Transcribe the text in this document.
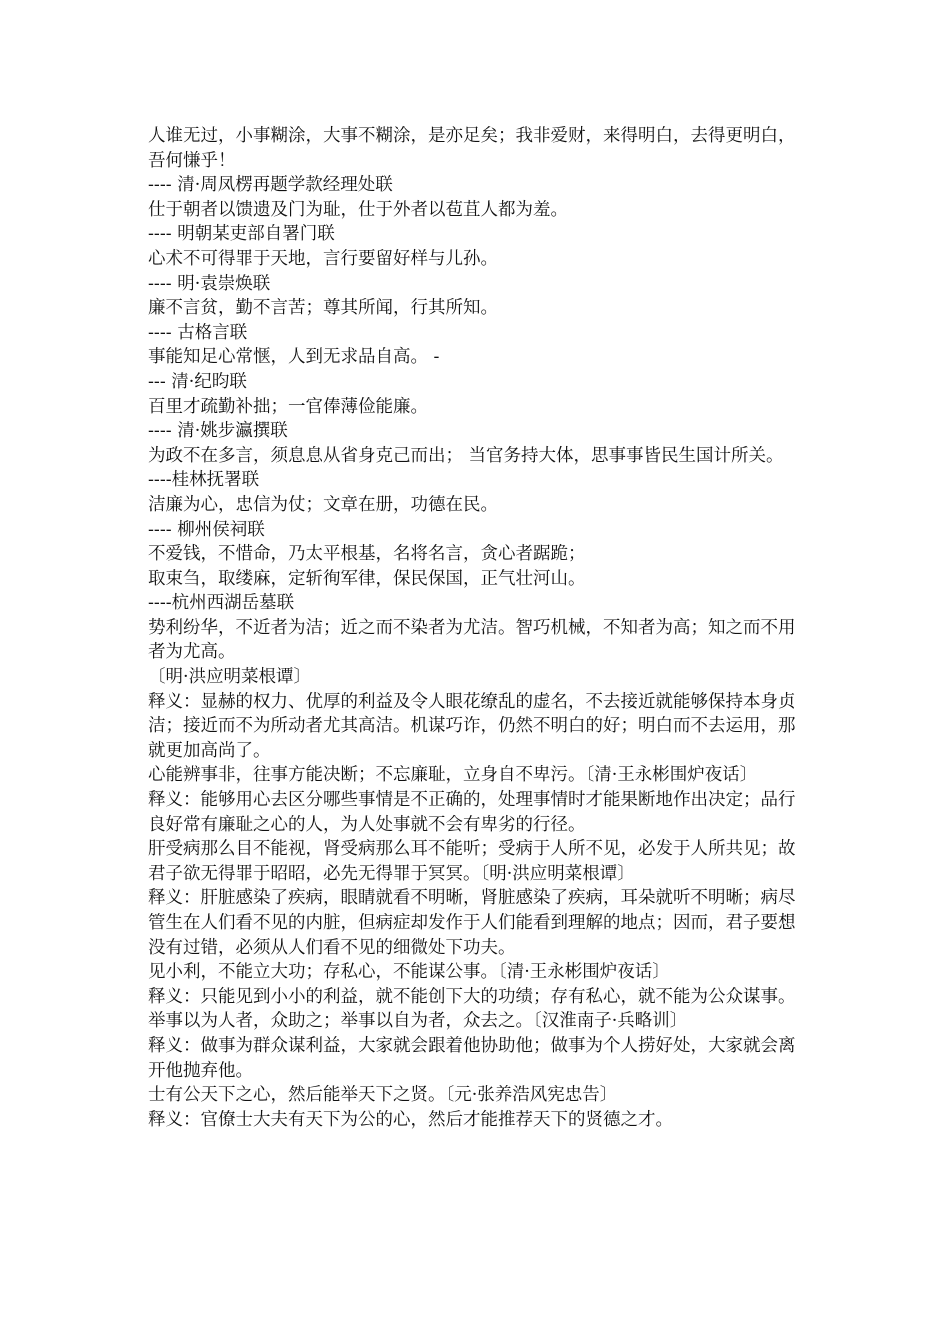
人谁无过，小事糊涂，大事不糊涂，是亦足矣；我非爱财，来得明白，去得更明白，吾何慊乎！

---- 清·周凤楞再题学款经理处联

仕于朝者以馈遗及门为耻，仕于外者以苞苴人都为羞。

---- 明朝某吏部自署门联

心术不可得罪于天地，言行要留好样与儿孙。

---- 明·袁崇焕联

廉不言贫，勤不言苦；尊其所闻，行其所知。

---- 古格言联

事能知足心常惬，人到无求品自高。 -

--- 清·纪昀联

百里才疏勤补拙；一官俸薄俭能廉。

---- 清·姚步瀛撰联

为政不在多言，须息息从省身克己而出； 当官务持大体，思事事皆民生国计所关。

----桂林抚署联

洁廉为心，忠信为仗；文章在册，功德在民。

---- 柳州侯祠联

不爱钱，不惜命，乃太平根基，名将名言，贪心者踞跪；

取束刍，取缕麻，定斩徇军律，保民保国，正气壮河山。

----杭州西湖岳墓联

势利纷华，不近者为洁；近之而不染者为尤洁。智巧机械，不知者为高；知之而不用者为尤高。

〔明·洪应明菜根谭〕

释义：显赫的权力、优厚的利益及令人眼花缭乱的虚名，不去接近就能够保持本身贞洁；接近而不为所动者尤其高洁。机谋巧诈，仍然不明白的好；明白而不去运用，那就更加高尚了。

心能辨事非，往事方能决断；不忘廉耻，立身自不卑污。〔清·王永彬围炉夜话〕

释义：能够用心去区分哪些事情是不正确的，处理事情时才能果断地作出决定；品行良好常有廉耻之心的人，为人处事就不会有卑劣的行径。

肝受病那么目不能视，肾受病那么耳不能听；受病于人所不见，必发于人所共见；故君子欲无得罪于昭昭，必先无得罪于冥冥。〔明·洪应明菜根谭〕

释义：肝脏感染了疾病，眼睛就看不明晰，肾脏感染了疾病，耳朵就听不明晰；病尽管生在人们看不见的内脏，但病症却发作于人们能看到理解的地点；因而，君子要想没有过错，必须从人们看不见的细微处下功夫。

见小利，不能立大功；存私心，不能谋公事。〔清·王永彬围炉夜话〕

释义：只能见到小小的利益，就不能创下大的功绩；存有私心，就不能为公众谋事。

举事以为人者，众助之；举事以自为者，众去之。〔汉淮南子·兵略训〕

释义：做事为群众谋利益，大家就会跟着他协助他；做事为个人捞好处，大家就会离开他抛弃他。

士有公天下之心，然后能举天下之贤。〔元·张养浩风宪忠告〕

释义：官僚士大夫有天下为公的心，然后才能推荐天下的贤德之才。
